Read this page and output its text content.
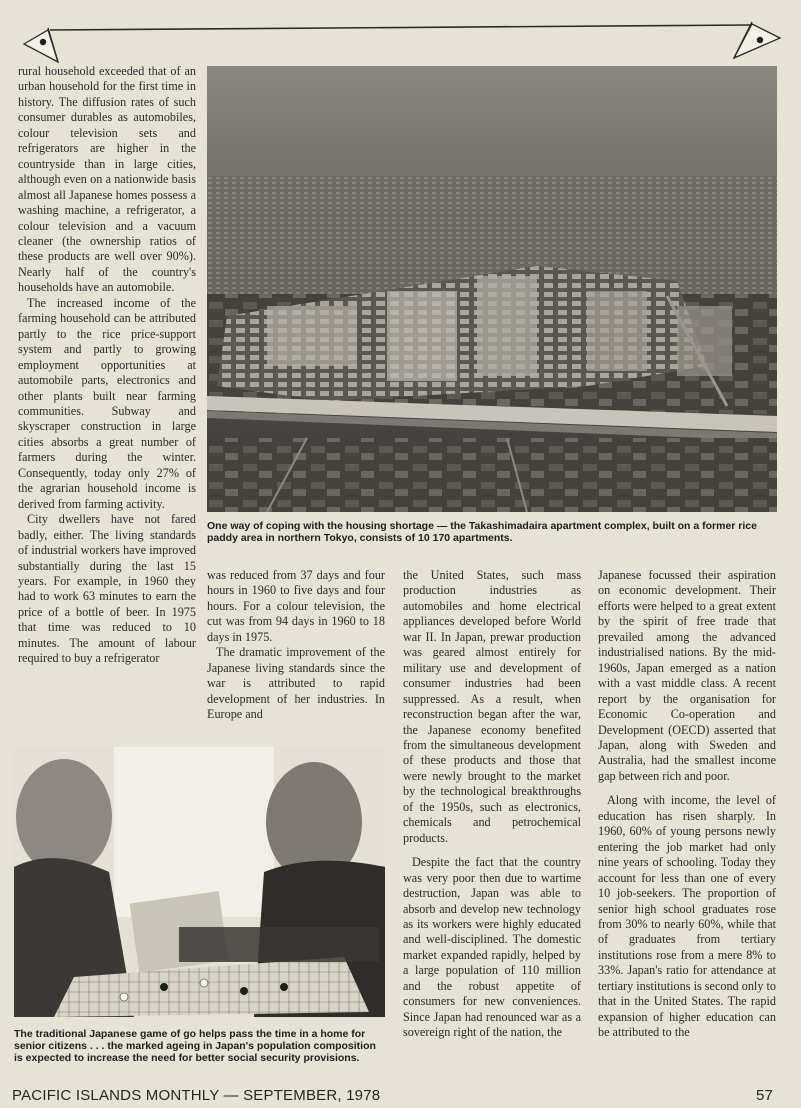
rural household exceeded that of an urban household for the first time in history. The diffusion rates of such consumer durables as automobiles, colour television sets and refrigerators are higher in the countryside than in large cities, although even on a nationwide basis almost all Japanese homes possess a washing machine, a refrigerator, a colour television and a vacuum cleaner (the ownership ratios of these products are well over 90%). Nearly half of the country's households have an automobile.

The increased income of the farming household can be attributed partly to the rice price-support system and partly to growing employment opportunities at automobile parts, electronics and other plants built near farming communities. Subway and skyscraper construction in large cities absorbs a great number of farmers during the winter. Consequently, today only 27% of the agrarian household income is derived from farming activity.

City dwellers have not fared badly, either. The living standards of industrial workers have improved substantially during the last 15 years. For example, in 1960 they had to work 63 minutes to earn the price of a bottle of beer. In 1975 that time was reduced to 10 minutes. The amount of labour required to buy a refrigerator

One way of coping with the housing shortage — the Takashimadaira apartment complex, built on a former rice paddy area in northern Tokyo, consists of 10 170 apartments.

was reduced from 37 days and four hours in 1960 to five days and four hours. For a colour television, the cut was from 94 days in 1960 to 18 days in 1975.

The dramatic improvement of the Japanese living standards since the war is attributed to rapid development of her industries. In Europe and

The traditional Japanese game of go helps pass the time in a home for senior citizens . . . the marked ageing in Japan's population composition is expected to increase the need for better social security provisions.

the United States, such mass production industries as automobiles and home electrical appliances developed before World war II. In Japan, prewar production was geared almost entirely for military use and development of consumer industries had been suppressed. As a result, when reconstruction began after the war, the Japanese economy benefited from the simultaneous development of these products and those that were newly brought to the market by the technological breakthroughs of the 1950s, such as electronics, chemicals and petrochemical products.

Despite the fact that the country was very poor then due to wartime destruction, Japan was able to absorb and develop new technology as its workers were highly educated and well-disciplined. The domestic market expanded rapidly, helped by a large population of 110 million and the robust appetite of consumers for new conveniences. Since Japan had renounced war as a sovereign right of the nation, the

Japanese focussed their aspiration on economic development. Their efforts were helped to a great extent by the spirit of free trade that prevailed among the advanced industrialised nations. By the mid-1960s, Japan emerged as a nation with a vast middle class. A recent report by the organisation for Economic Co-operation and Development (OECD) asserted that Japan, along with Sweden and Australia, had the smallest income gap between rich and poor.

Along with income, the level of education has risen sharply. In 1960, 60% of young persons newly entering the job market had only nine years of schooling. Today they account for less than one of every 10 job-seekers. The proportion of senior high school graduates rose from 30% to nearly 60%, while that of graduates from tertiary institutions rose from a mere 8% to 33%. Japan's ratio for attendance at tertiary institutions is second only to that in the United States. The rapid expansion of higher education can be attributed to the

PACIFIC ISLANDS MONTHLY — SEPTEMBER, 1978	57
